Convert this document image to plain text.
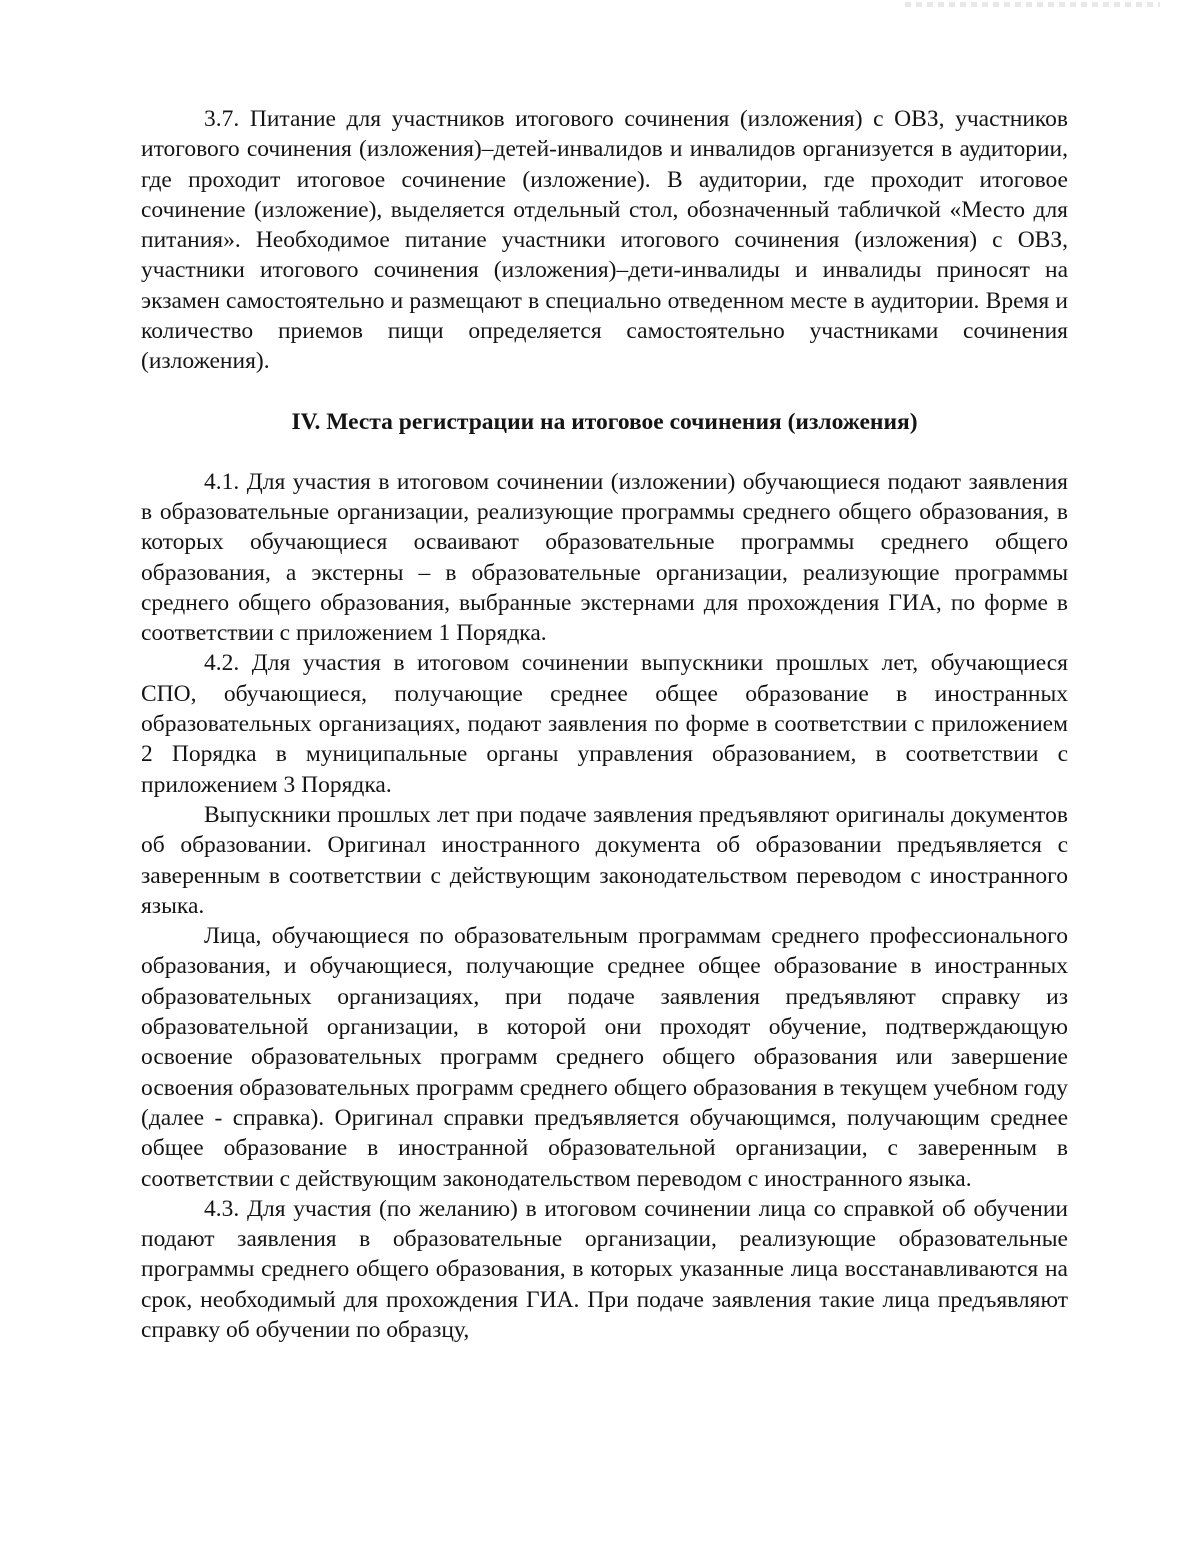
3.7. Питание для участников итогового сочинения (изложения) с ОВЗ, участников итогового сочинения (изложения)–детей-инвалидов и инвалидов организуется в аудитории, где проходит итоговое сочинение (изложение). В аудитории, где проходит итоговое сочинение (изложение), выделяется отдельный стол, обозначенный табличкой «Место для питания». Необходимое питание участники итогового сочинения (изложения) с ОВЗ, участники итогового сочинения (изложения)–дети-инвалиды и инвалиды приносят на экзамен самостоятельно и размещают в специально отведенном месте в аудитории. Время и количество приемов пищи определяется самостоятельно участниками сочинения (изложения).

IV. Места регистрации на итоговое сочинения (изложения)

4.1. Для участия в итоговом сочинении (изложении) обучающиеся подают заявления в образовательные организации, реализующие программы среднего общего образования, в которых обучающиеся осваивают образовательные программы среднего общего образования, а экстерны – в образовательные организации, реализующие программы среднего общего образования, выбранные экстернами для прохождения ГИА, по форме в соответствии с приложением 1 Порядка.

4.2. Для участия в итоговом сочинении выпускники прошлых лет, обучающиеся СПО, обучающиеся, получающие среднее общее образование в иностранных образовательных организациях, подают заявления по форме в соответствии с приложением 2 Порядка в муниципальные органы управления образованием, в соответствии с приложением 3 Порядка.

Выпускники прошлых лет при подаче заявления предъявляют оригиналы документов об образовании. Оригинал иностранного документа об образовании предъявляется с заверенным в соответствии с действующим законодательством переводом с иностранного языка.

Лица, обучающиеся по образовательным программам среднего профессионального образования, и обучающиеся, получающие среднее общее образование в иностранных образовательных организациях, при подаче заявления предъявляют справку из образовательной организации, в которой они проходят обучение, подтверждающую освоение образовательных программ среднего общего образования или завершение освоения образовательных программ среднего общего образования в текущем учебном году (далее - справка). Оригинал справки предъявляется обучающимся, получающим среднее общее образование в иностранной образовательной организации, с заверенным в соответствии с действующим законодательством переводом с иностранного языка.

4.3. Для участия (по желанию) в итоговом сочинении лица со справкой об обучении подают заявления в образовательные организации, реализующие образовательные программы среднего общего образования, в которых указанные лица восстанавливаются на срок, необходимый для прохождения ГИА. При подаче заявления такие лица предъявляют справку об обучении по образцу,
